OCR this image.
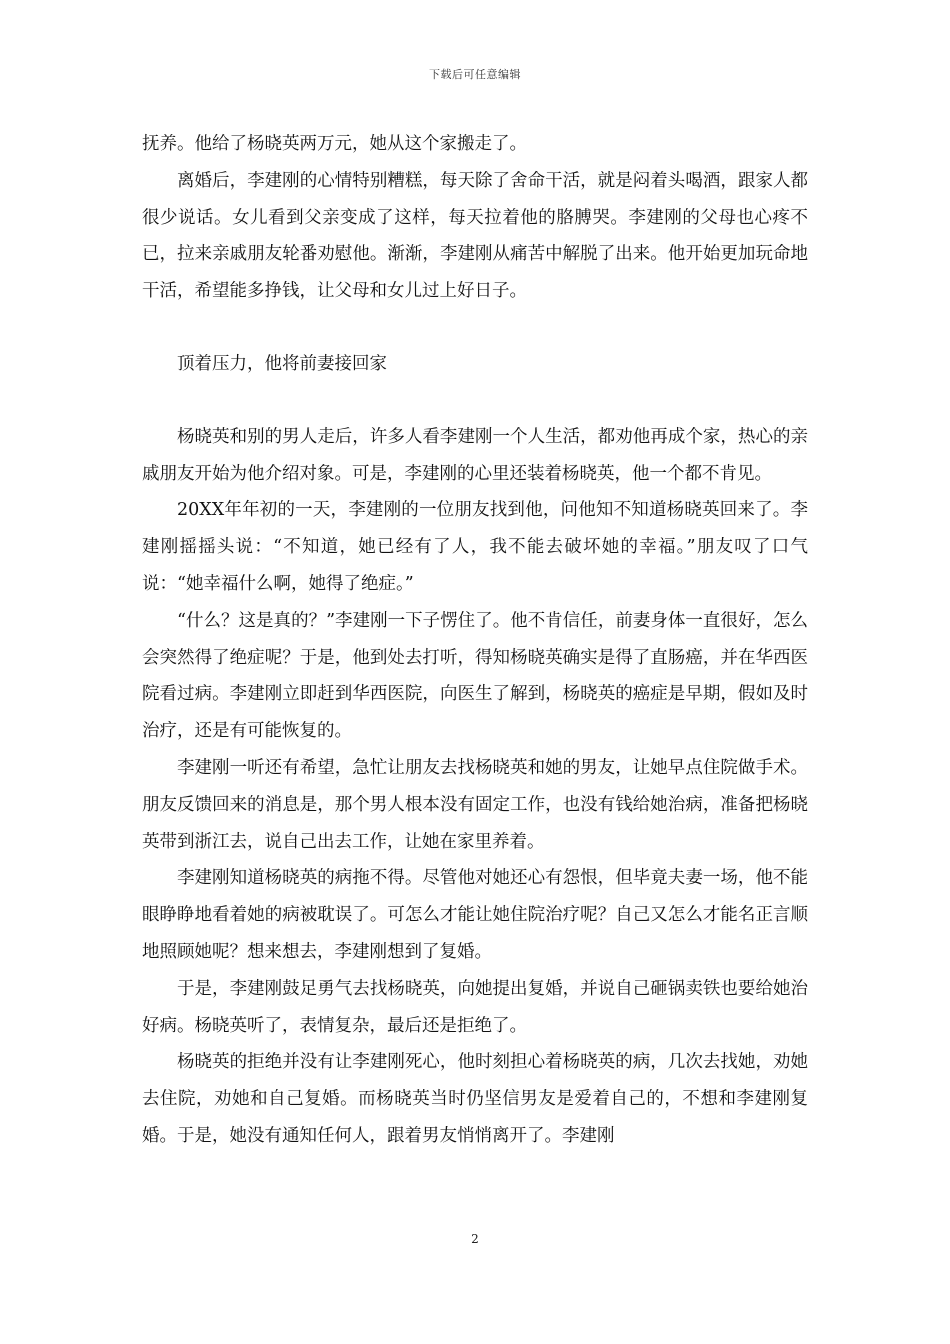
下载后可任意编辑

抚养。他给了杨晓英两万元，她从这个家搬走了。

离婚后，李建刚的心情特别糟糕，每天除了舍命干活，就是闷着头喝酒，跟家人都很少说话。女儿看到父亲变成了这样，每天拉着他的胳膊哭。李建刚的父母也心疼不已，拉来亲戚朋友轮番劝慰他。渐渐，李建刚从痛苦中解脱了出来。他开始更加玩命地干活，希望能多挣钱，让父母和女儿过上好日子。

顶着压力，他将前妻接回家

杨晓英和别的男人走后，许多人看李建刚一个人生活，都劝他再成个家，热心的亲戚朋友开始为他介绍对象。可是，李建刚的心里还装着杨晓英，他一个都不肯见。

20XX年年初的一天，李建刚的一位朋友找到他，问他知不知道杨晓英回来了。李建刚摇摇头说：“不知道，她已经有了人，我不能去破坏她的幸福。”朋友叹了口气说：“她幸福什么啊，她得了绝症。”

“什么？这是真的？”李建刚一下子愣住了。他不肯信任，前妻身体一直很好，怎么会突然得了绝症呢？于是，他到处去打听，得知杨晓英确实是得了直肠癌，并在华西医院看过病。李建刚立即赶到华西医院，向医生了解到，杨晓英的癌症是早期，假如及时治疗，还是有可能恢复的。

李建刚一听还有希望，急忙让朋友去找杨晓英和她的男友，让她早点住院做手术。朋友反馈回来的消息是，那个男人根本没有固定工作，也没有钱给她治病，准备把杨晓英带到浙江去，说自己出去工作，让她在家里养着。

李建刚知道杨晓英的病拖不得。尽管他对她还心有怨恨，但毕竟夫妻一场，他不能眼睁睁地看着她的病被耽误了。可怎么才能让她住院治疗呢？自己又怎么才能名正言顺地照顾她呢？想来想去，李建刚想到了复婚。

于是，李建刚鼓足勇气去找杨晓英，向她提出复婚，并说自己砸锅卖铁也要给她治好病。杨晓英听了，表情复杂，最后还是拒绝了。

杨晓英的拒绝并没有让李建刚死心，他时刻担心着杨晓英的病，几次去找她，劝她去住院，劝她和自己复婚。而杨晓英当时仍坚信男友是爱着自己的，不想和李建刚复婚。于是，她没有通知任何人，跟着男友悄悄离开了。李建刚

2
